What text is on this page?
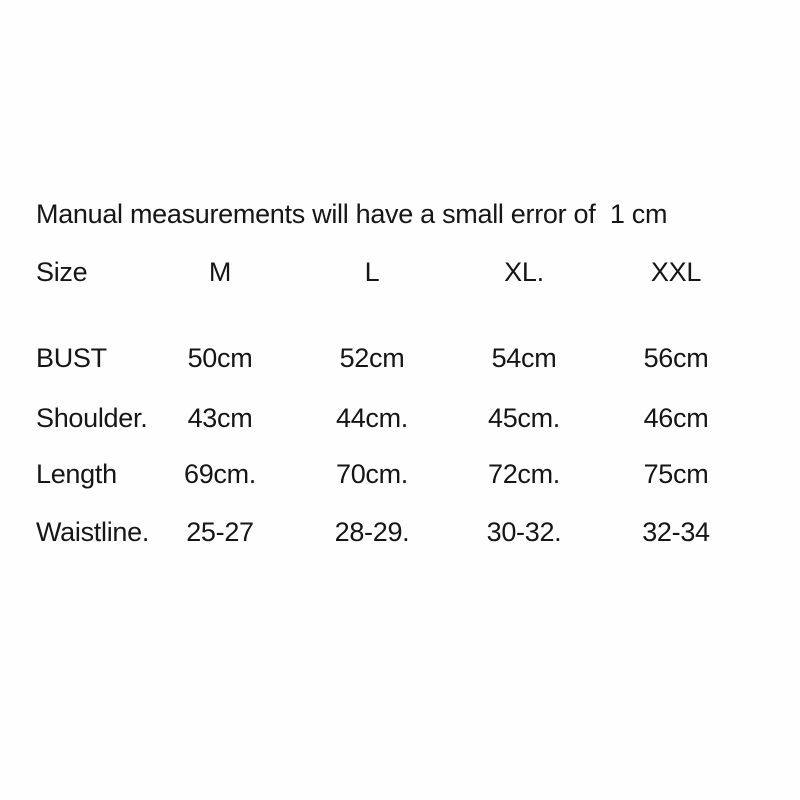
Manual measurements will have a small error of  1 cm
Size	M	L	XL.	XXL
BUST	50cm	52cm	54cm	56cm
Shoulder.	43cm	44cm.	45cm.	46cm
Length	69cm.	70cm.	72cm.	75cm
Waistline.	25-27	28-29.	30-32.	32-34
